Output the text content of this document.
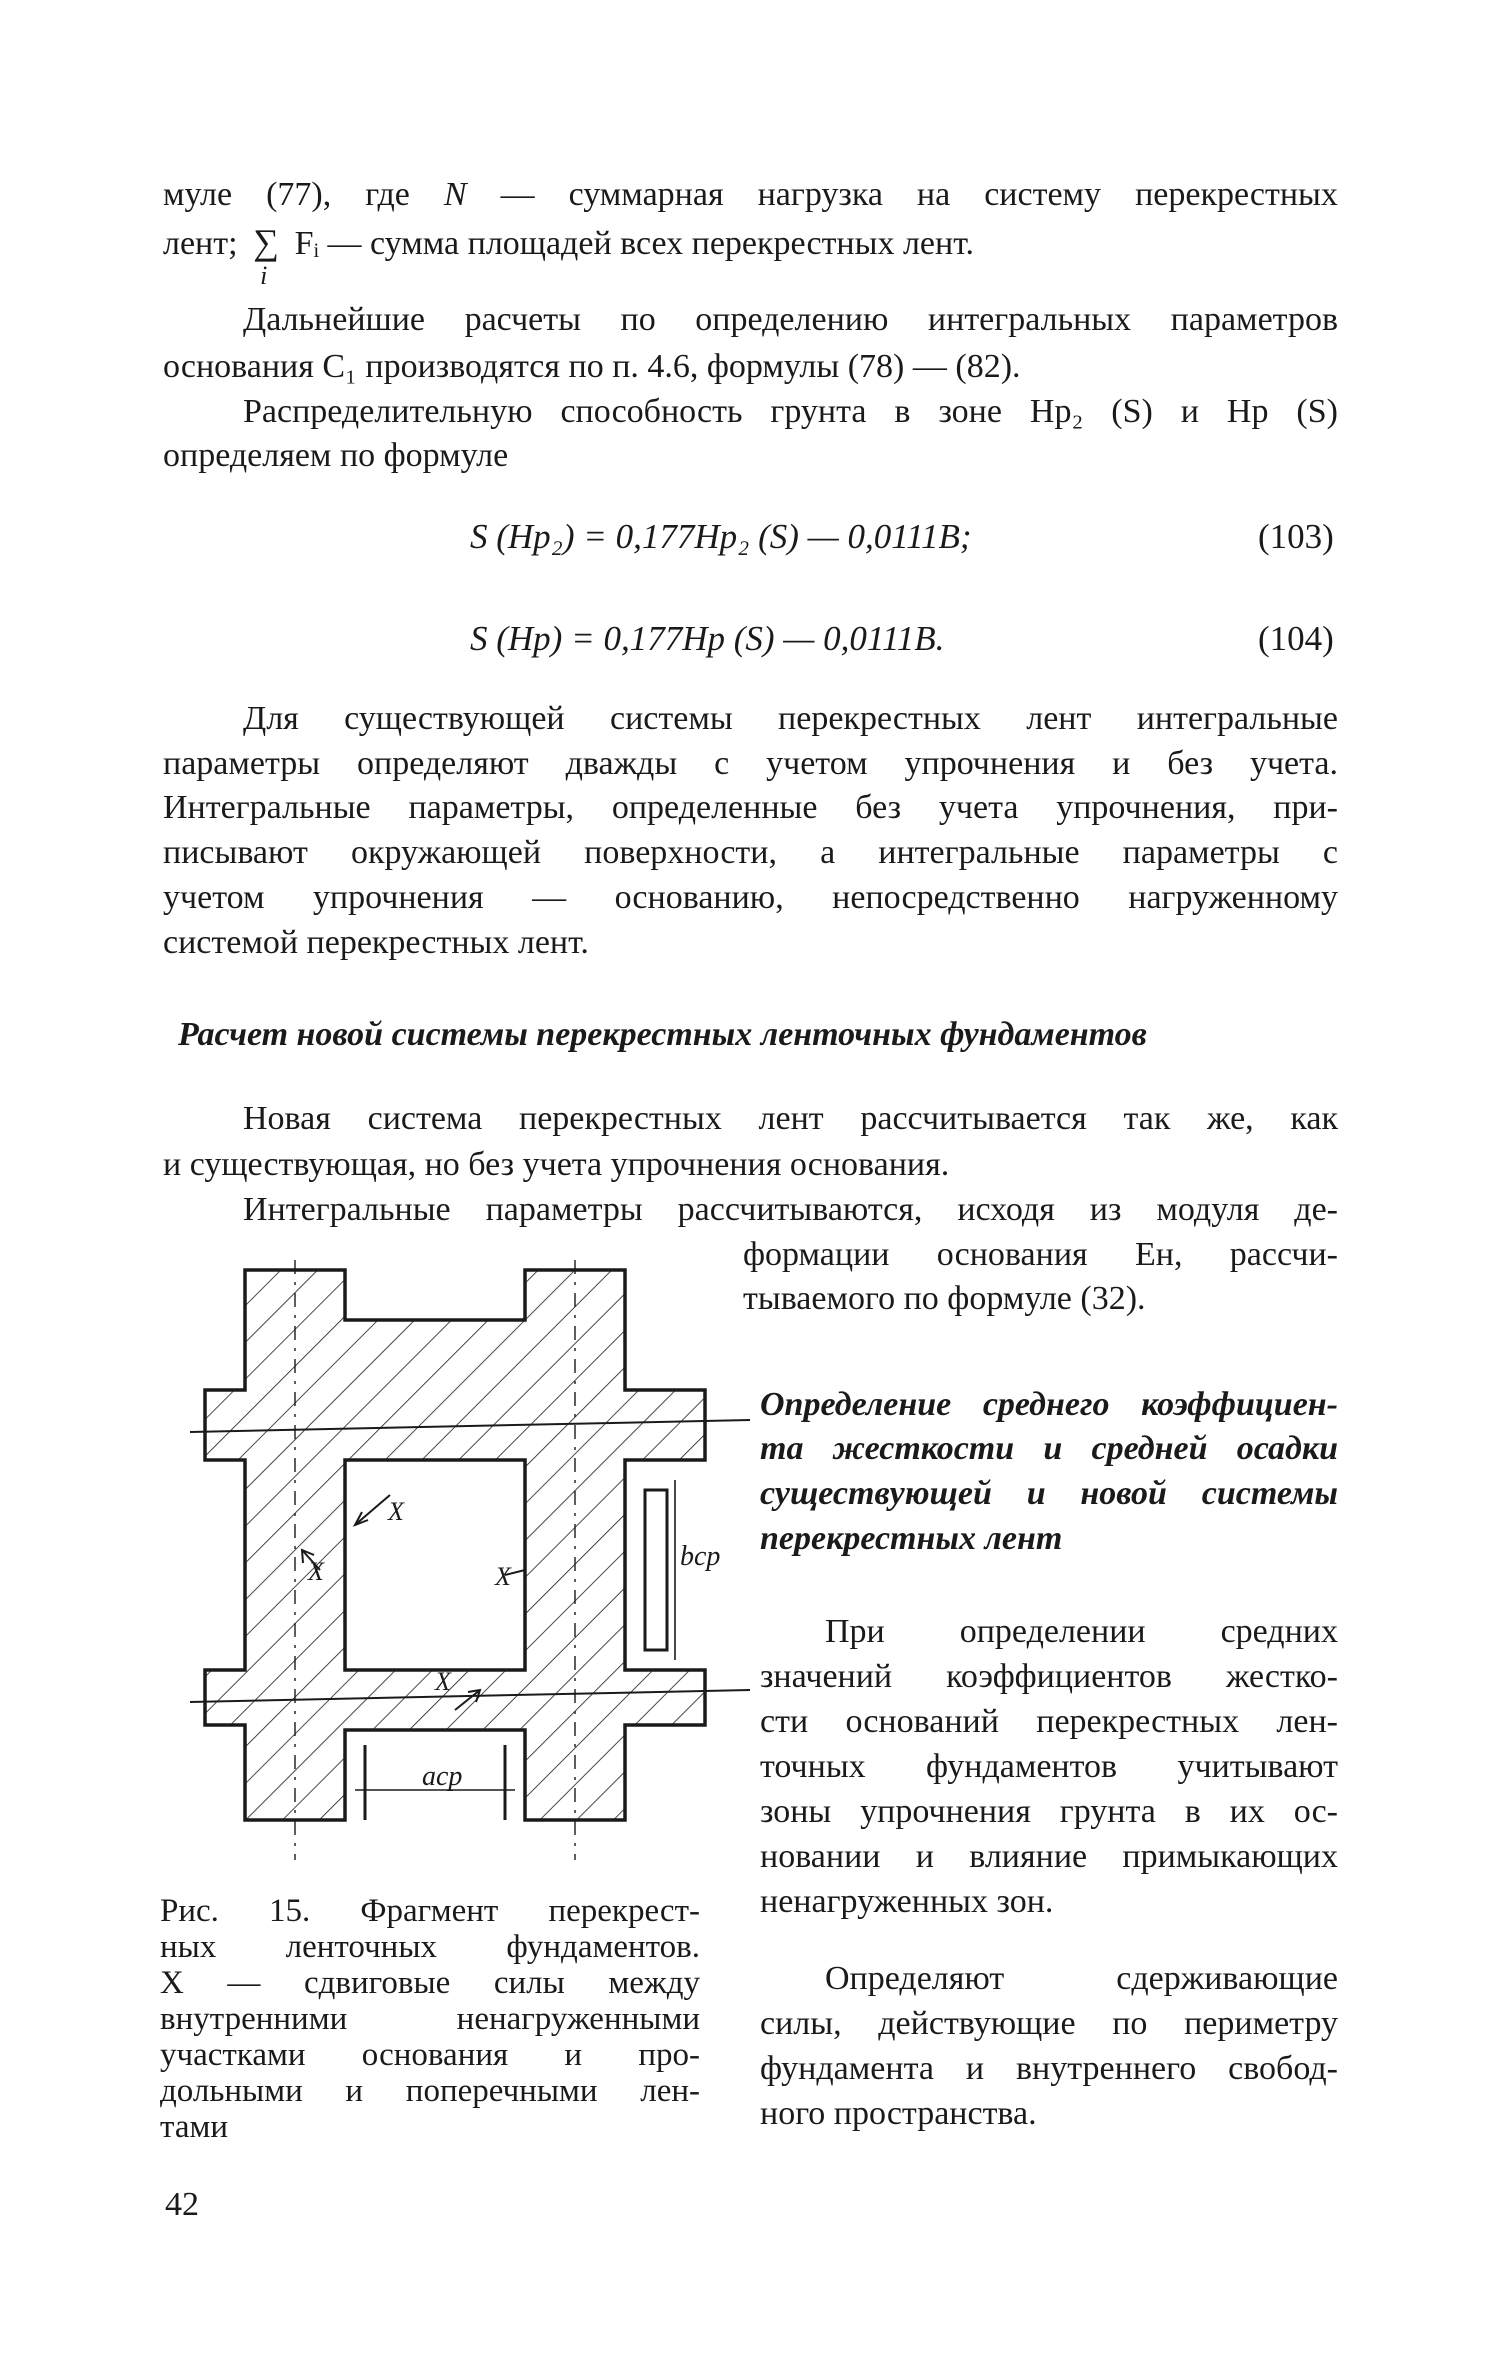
муле (77), где N — суммарная нагрузка на систему перекрестных
лент; ∑
i
Fᵢ — сумма площадей всех перекрестных лент.
Дальнейшие расчеты по определению интегральных параметров
основания C₁ производятся по п. 4.6, формулы (78) — (82).
Распределительную способность грунта в зоне Hр₂ (S) и Hр (S)
определяем по формуле
S (Hр₂) = 0,177Hр₂ (S) — 0,0111B;	(103)
S (Hр) = 0,177Hр (S) — 0,0111B.	(104)
Для существующей системы перекрестных лент интегральные
параметры определяют дважды с учетом упрочнения и без учета.
Интегральные параметры, определенные без учета упрочнения, при-
писывают окружающей поверхности, а интегральные параметры с
учетом упрочнения — основанию, непосредственно нагруженному
системой перекрестных лент.
Расчет новой системы перекрестных ленточных фундаментов
Новая система перекрестных лент рассчитывается так же, как
и существующая, но без учета упрочнения основания.
Интегральные параметры рассчитываются, исходя из модуля де-
формации основания Eн, рассчи-
тываемого по формуле (32).
Определение среднего коэффициен-
та жесткости и средней осадки
существующей и новой системы
перекрестных лент
При определении средних
значений коэффициентов жестко-
сти оснований перекрестных лен-
точных фундаментов учитывают
зоны упрочнения грунта в их ос-
новании и влияние примыкающих
ненагруженных зон.
Определяют сдерживающие
силы, действующие по периметру
фундамента и внутреннего свобод-
ного пространства.
X
X	X
X
bср
aср
Рис. 15. Фрагмент перекрест-
ных ленточных фундаментов.
X — сдвиговые силы между
внутренними ненагруженными
участками основания и про-
дольными и поперечными лен-
тами
42
